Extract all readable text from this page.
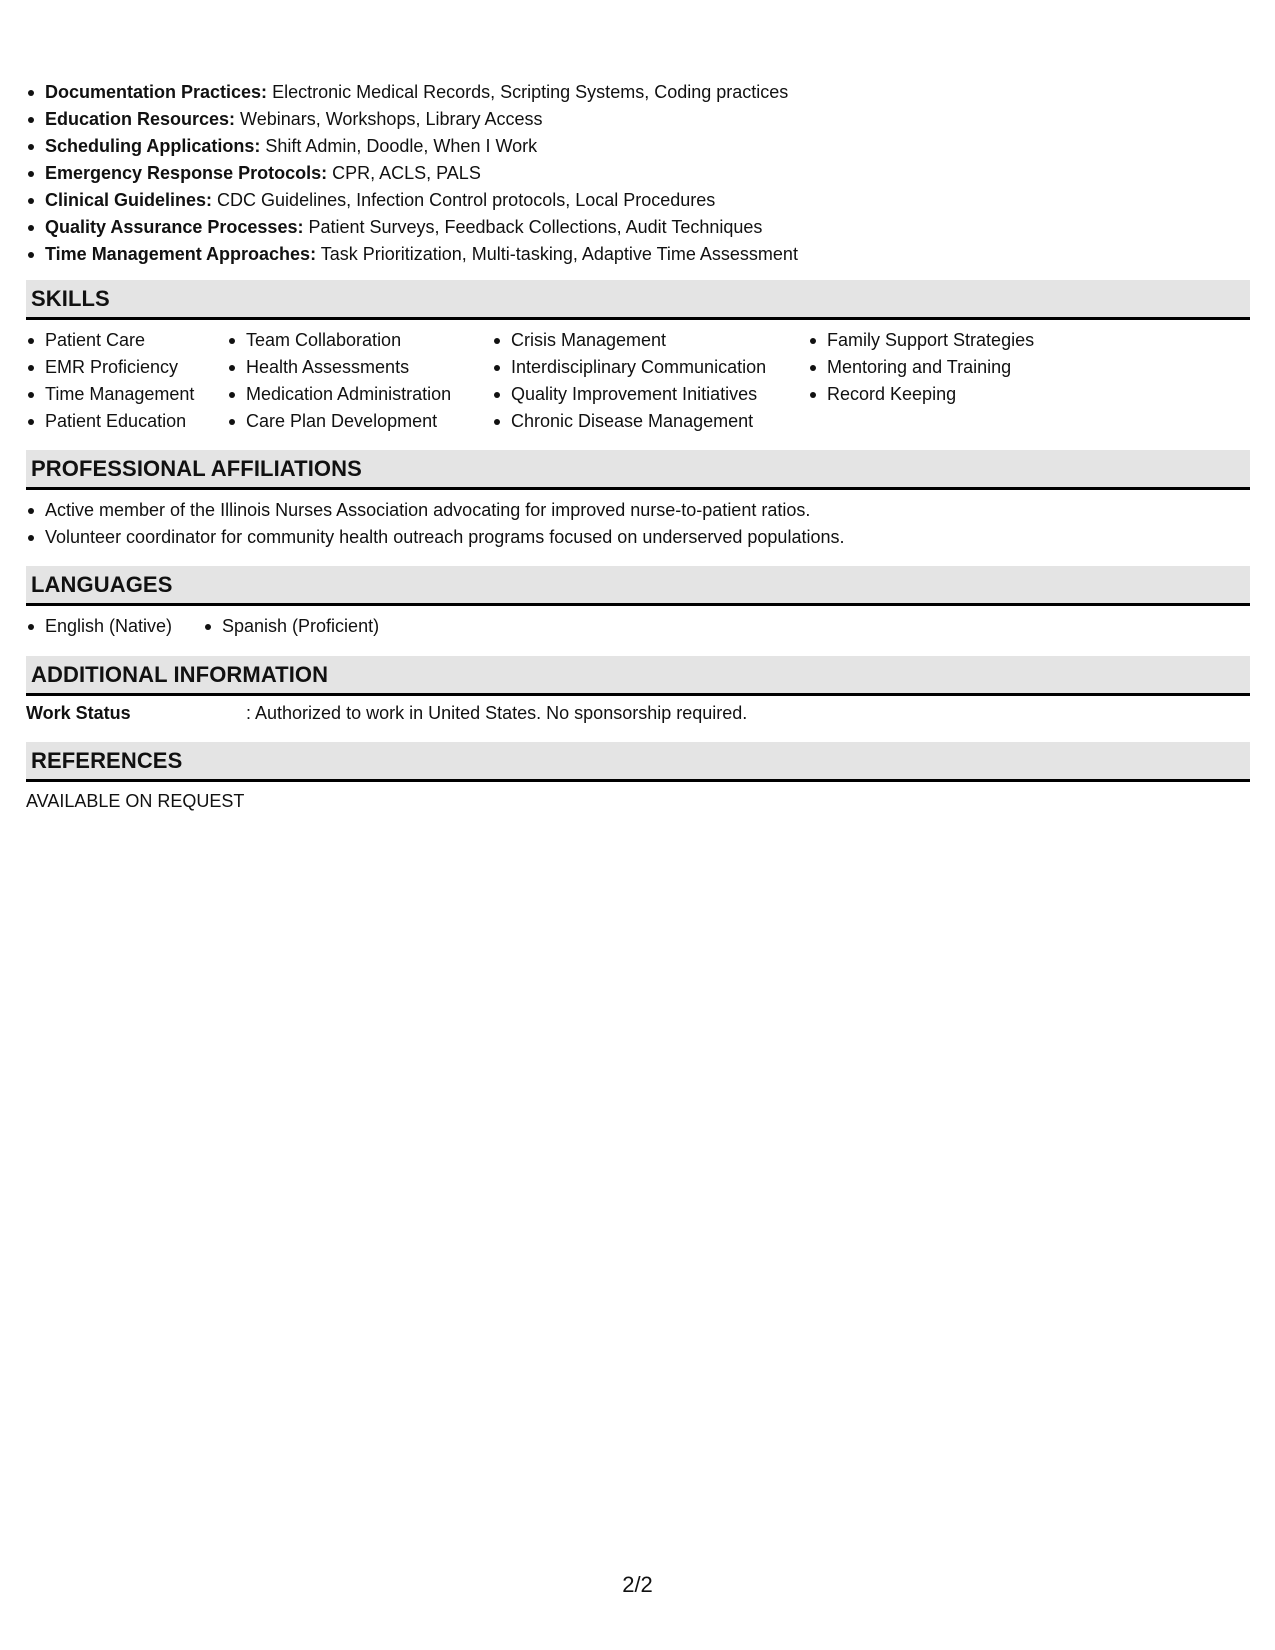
Documentation Practices: Electronic Medical Records, Scripting Systems, Coding practices
Education Resources: Webinars, Workshops, Library Access
Scheduling Applications: Shift Admin, Doodle, When I Work
Emergency Response Protocols: CPR, ACLS, PALS
Clinical Guidelines: CDC Guidelines, Infection Control protocols, Local Procedures
Quality Assurance Processes: Patient Surveys, Feedback Collections, Audit Techniques
Time Management Approaches: Task Prioritization, Multi-tasking, Adaptive Time Assessment
SKILLS
Patient Care
EMR Proficiency
Time Management
Patient Education
Team Collaboration
Health Assessments
Medication Administration
Care Plan Development
Crisis Management
Interdisciplinary Communication
Quality Improvement Initiatives
Chronic Disease Management
Family Support Strategies
Mentoring and Training
Record Keeping
PROFESSIONAL AFFILIATIONS
Active member of the Illinois Nurses Association advocating for improved nurse-to-patient ratios.
Volunteer coordinator for community health outreach programs focused on underserved populations.
LANGUAGES
English (Native)	Spanish (Proficient)
ADDITIONAL INFORMATION
Work Status	: Authorized to work in United States. No sponsorship required.
REFERENCES
AVAILABLE ON REQUEST
2/2
